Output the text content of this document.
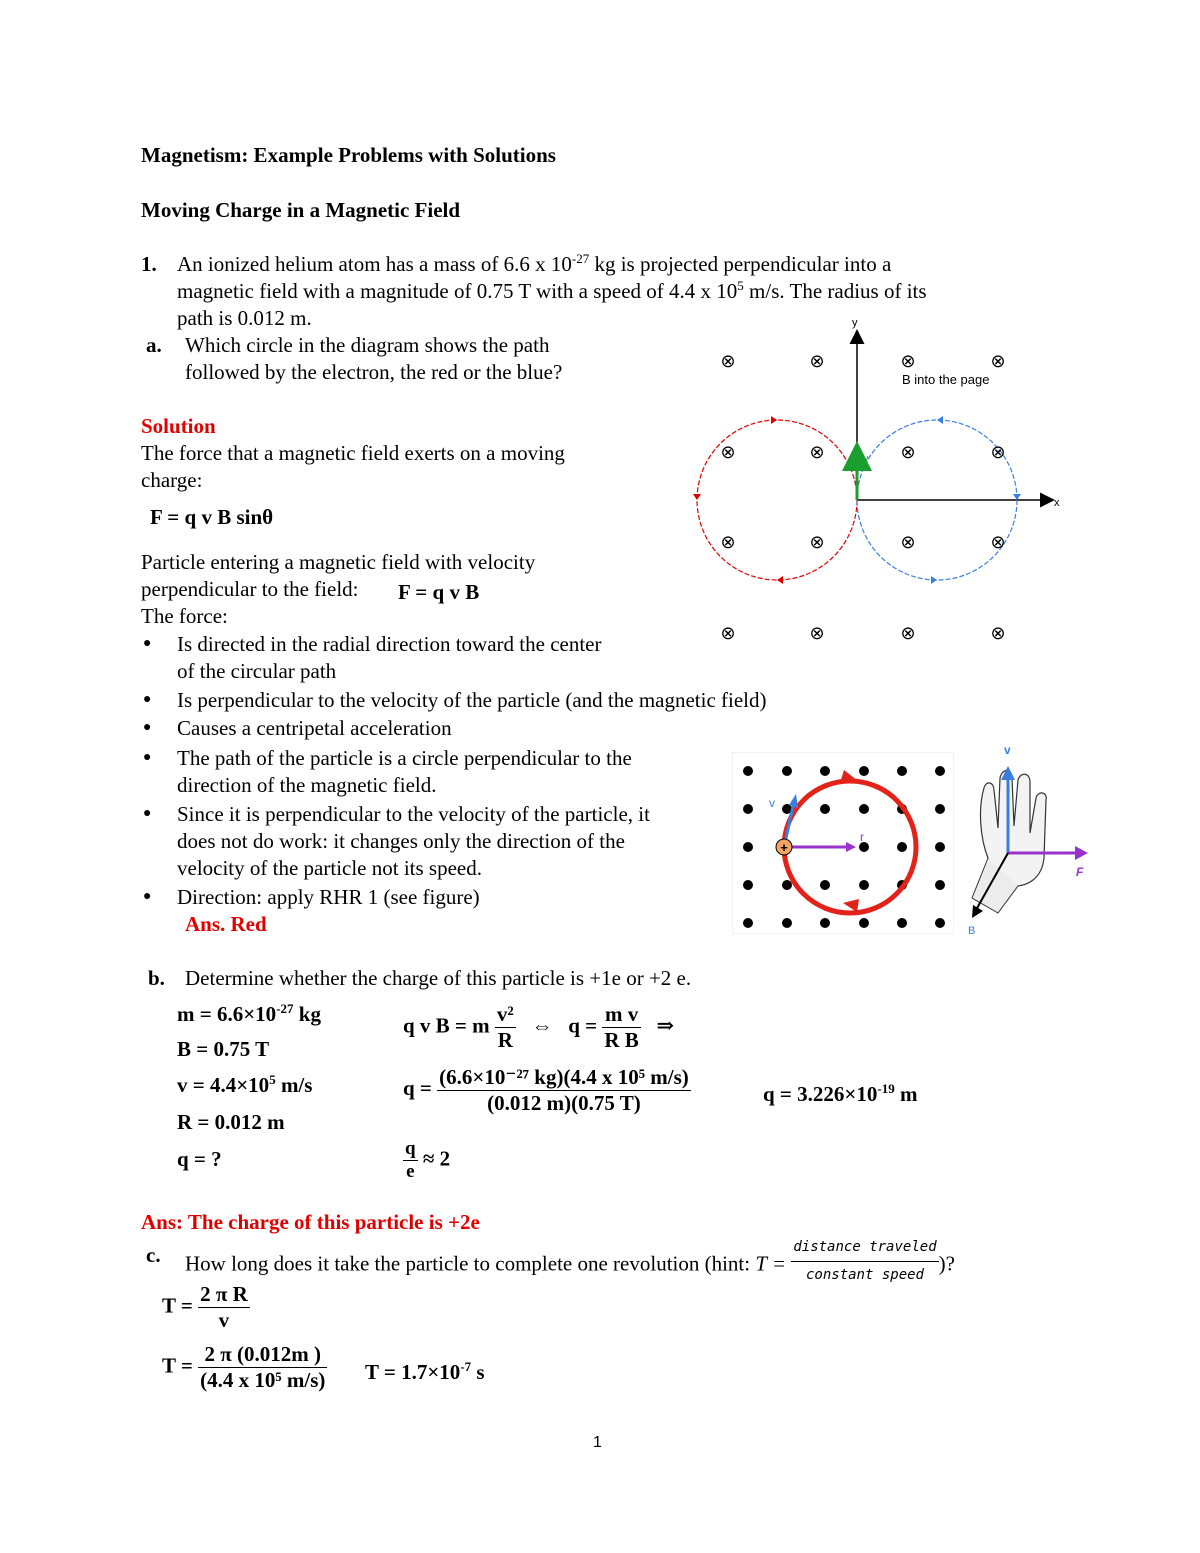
Magnetism: Example Problems with Solutions
Moving Charge in a Magnetic Field
1. An ionized helium atom has a mass of 6.6 x $10^{-27}$ kg is projected perpendicular into a
magnetic field with a magnitude of 0.75 T with a speed of 4.4 x $10^5$ m/s. The radius of its
path is 0.012 m.
a. Which circle in the diagram shows the path
followed by the electron, the red or the blue?
Solution
The force that a magnetic field exerts on a moving
charge:
F = q v B sinθ
Particle entering a magnetic field with velocity
perpendicular to the field: F = q v B
The force:
● Is directed in the radial direction toward the center
of the circular path
● Is perpendicular to the velocity of the particle (and the magnetic field)
● Causes a centripetal acceleration
● The path of the particle is a circle perpendicular to the
direction of the magnetic field.
● Since it is perpendicular to the velocity of the particle, it
does not do work: it changes only the direction of the
velocity of the particle not its speed.
● Direction: apply RHR 1 (see figure)
Ans. Red
y
x
v
B into the page
⊗	⊗	⊗	⊗
⊗	⊗	⊗	⊗
⊗	⊗	⊗	⊗
⊗	⊗	⊗	⊗
v
r
+
v
F
B
b. Determine whether the charge of this particle is +1e or +2 e.
$m = 6.6\times 10^{-27}$ kg
B = 0.75 T
$v = 4.4\times 10^5$ m/s
R = 0.012 m
q = ?
q v B = m $\frac{\text{v²}}{R}$ ⇔ $q = \frac{\text{m v}}{\text{R B}}$ ⇒
$q = \frac{\text{(6.6×10⁻²⁷ kg)(4.4 x 10⁵ m/s)}}{(0.012 m)(0.75 T)}$	$q = 3.226\times 10^{-19}$ m
$\frac{q}{e} \approx 2$
Ans: The charge of this particle is +2e
c. How long does it take the particle to complete one revolution (hint: $T = \frac{\text{distance traveled}}{\text{constant speed}}$ )?
$T = \frac{\text{2 π R}}{v}$
$T = \frac{2 \pi (0.012m )}{\text{(4.4 x 10⁵ m/s)}}$ $T = 1.7\times 10^{-7}$ s
1
